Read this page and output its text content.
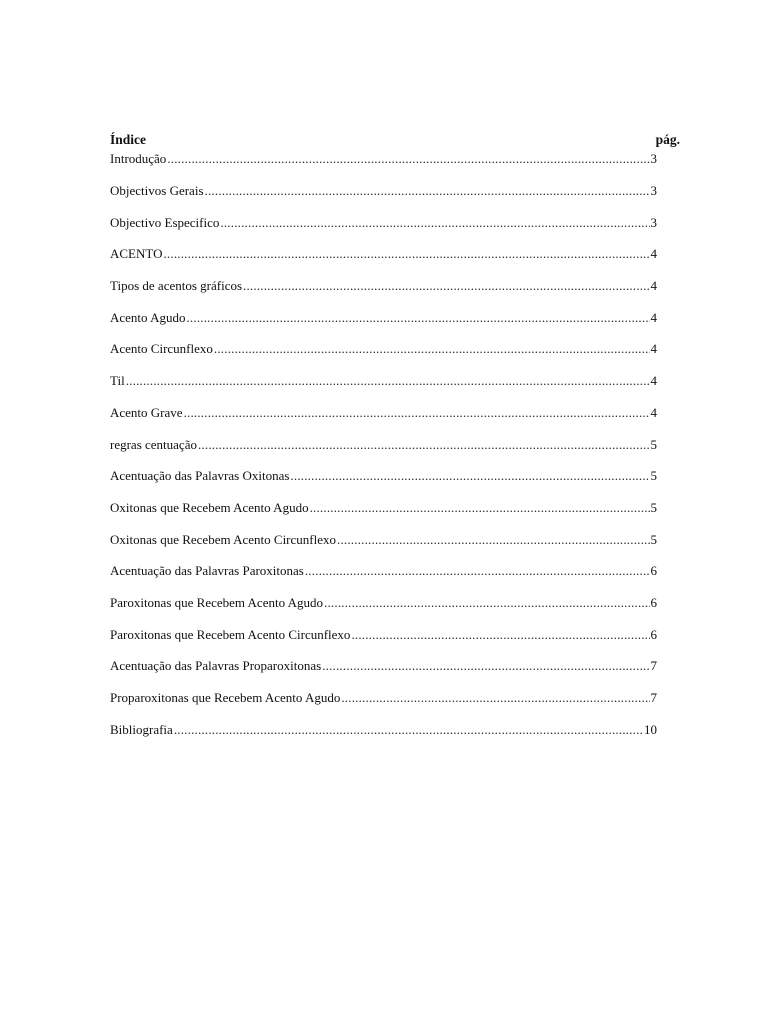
Índice	pág.
Introdução .....	3
Objectivos Gerais .....	3
Objectivo Especifico .....	3
ACENTO .....	4
Tipos de acentos gráficos .....	4
Acento Agudo .....	4
Acento Circunflexo .....	4
Til .....	4
Acento Grave .....	4
regras centuação .....	5
Acentuação das Palavras Oxitonas .....	5
Oxitonas que Recebem Acento Agudo .....	5
Oxitonas que Recebem Acento Circunflexo .....	5
Acentuação das Palavras Paroxitonas .....	6
Paroxitonas que Recebem Acento Agudo .....	6
Paroxitonas que Recebem Acento Circunflexo .....	6
Acentuação das Palavras Proparoxitonas .....	7
Proparoxitonas que Recebem Acento Agudo .....	7
Bibliografia .....	10
